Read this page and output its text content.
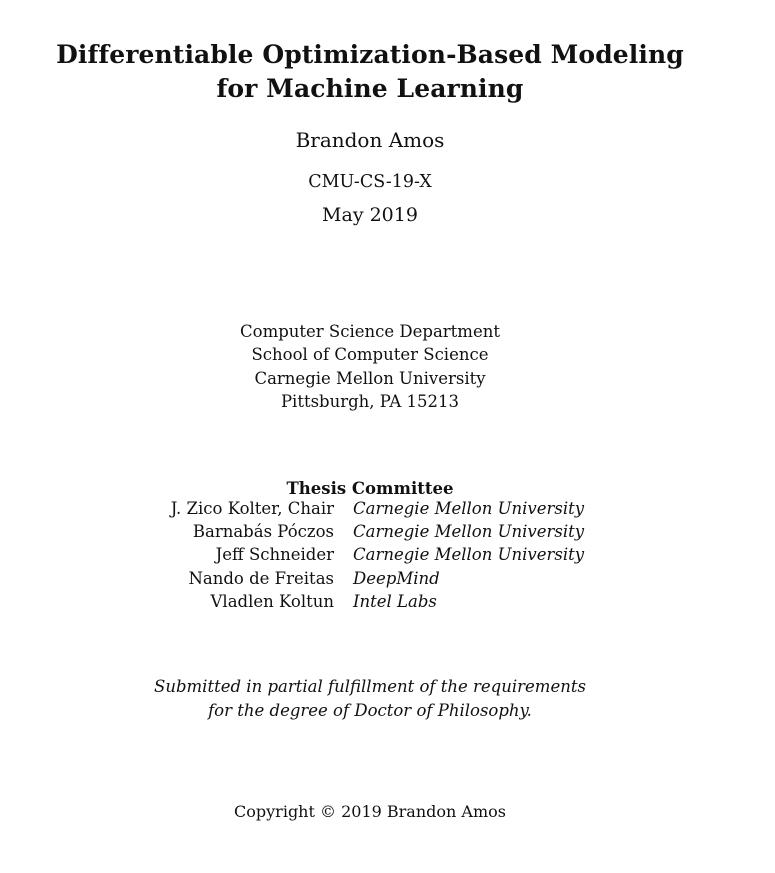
Differentiable Optimization-Based Modeling
for Machine Learning
Brandon Amos
CMU-CS-19-X
May 2019
Computer Science Department
School of Computer Science
Carnegie Mellon University
Pittsburgh, PA 15213
Thesis Committee
J. Zico Kolter, Chair Carnegie Mellon University
Barnabás Póczos Carnegie Mellon University
Jeff Schneider Carnegie Mellon University
Nando de Freitas DeepMind
Vladlen Koltun Intel Labs
Submitted in partial fulfillment of the requirements
for the degree of Doctor of Philosophy.
Copyright © 2019 Brandon Amos
